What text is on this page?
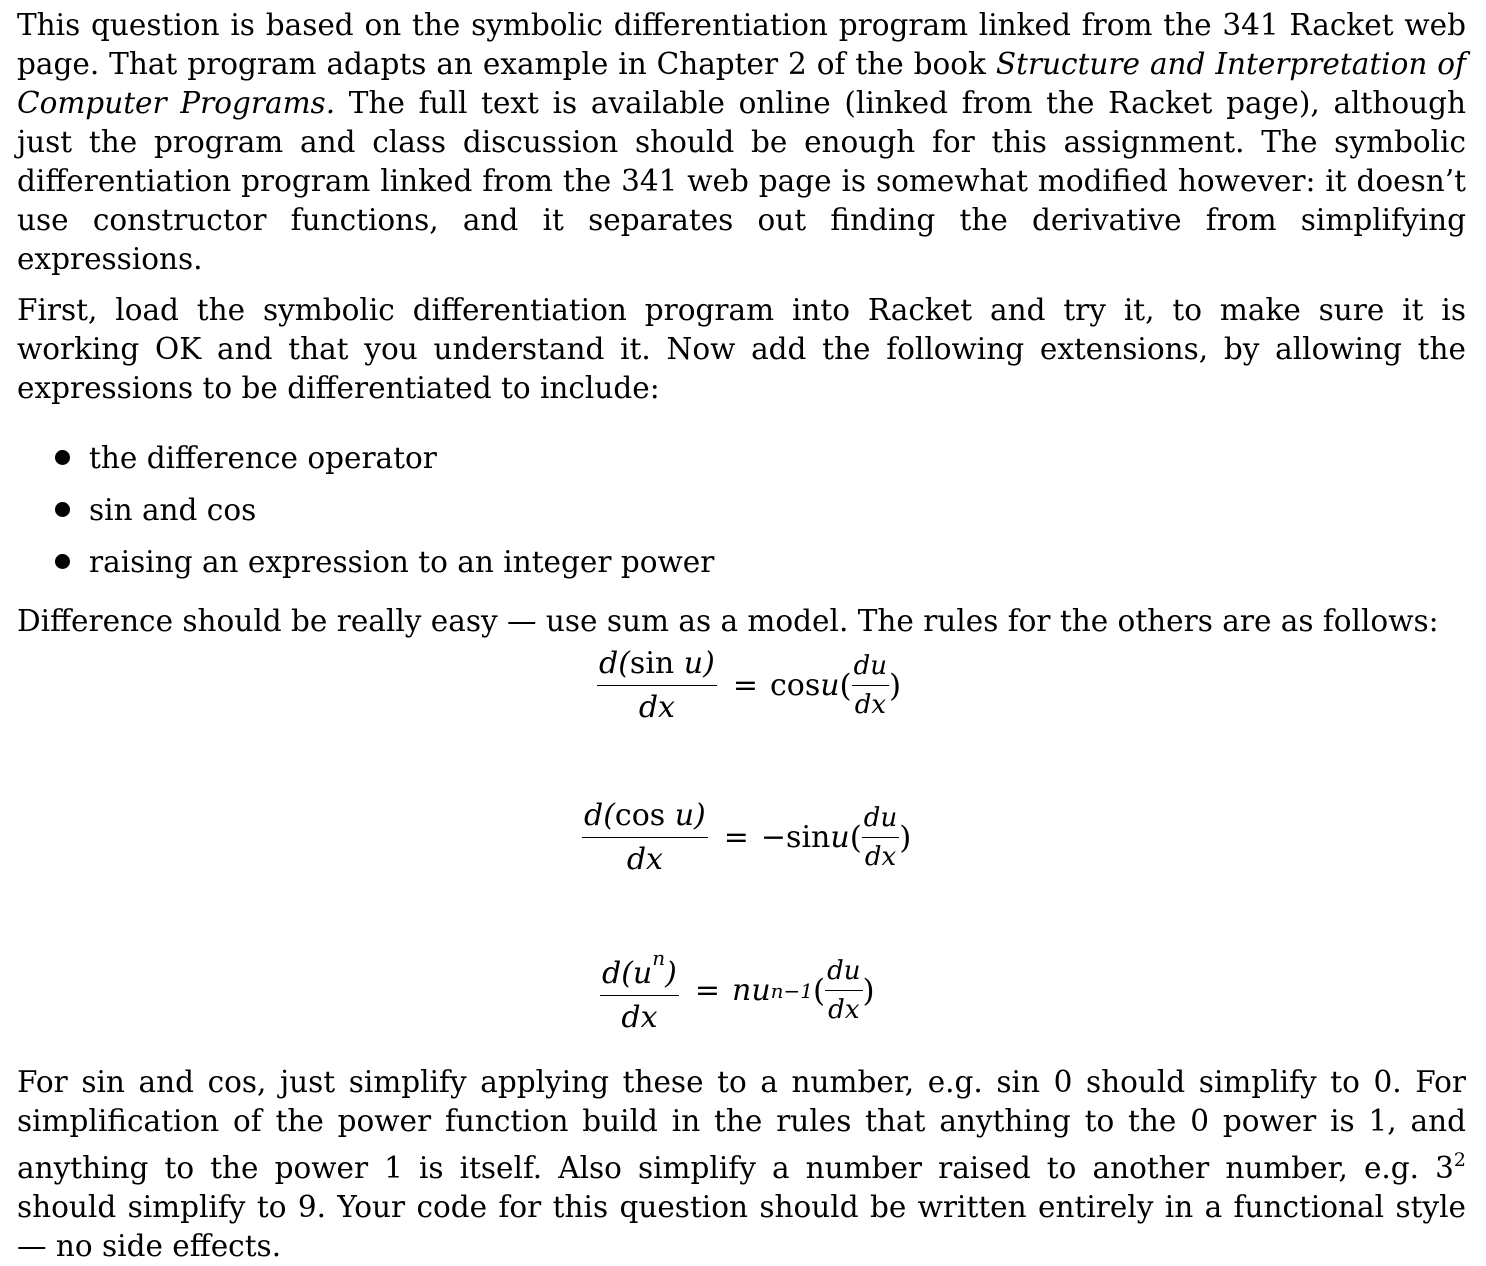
This question is based on the symbolic differentiation program linked from the 341 Racket web page. That program adapts an example in Chapter 2 of the book Structure and Interpretation of Computer Programs. The full text is available online (linked from the Racket page), although just the program and class discussion should be enough for this assignment. The symbolic differentiation program linked from the 341 web page is somewhat modified however: it doesn’t use constructor functions, and it separates out finding the derivative from simplifying expressions.

First, load the symbolic differentiation program into Racket and try it, to make sure it is working OK and that you understand it. Now add the following extensions, by allowing the expressions to be differentiated to include:

the difference operator
sin and cos
raising an expression to an integer power

Difference should be really easy — use sum as a model. The rules for the others are as follows:

$\frac{\text{d(sin u)}}{dx} = \cos u$ ( $\frac{du}{dx}$ )
$\frac{\text{d(cos u)}}{dx}$ = − sin u ( $\frac{du}{dx}$ )
$\frac{d(u^n)}{dx}$ = nu n−1 ( $\frac{du}{dx}$ )

For sin and cos, just simplify applying these to a number, e.g. sin 0 should simplify to 0. For simplification of the power function build in the rules that anything to the 0 power is 1, and anything to the power 1 is itself. Also simplify a number raised to another number, e.g. $3^2$ should simplify to 9. Your code for this question should be written entirely in a functional style — no side effects.
